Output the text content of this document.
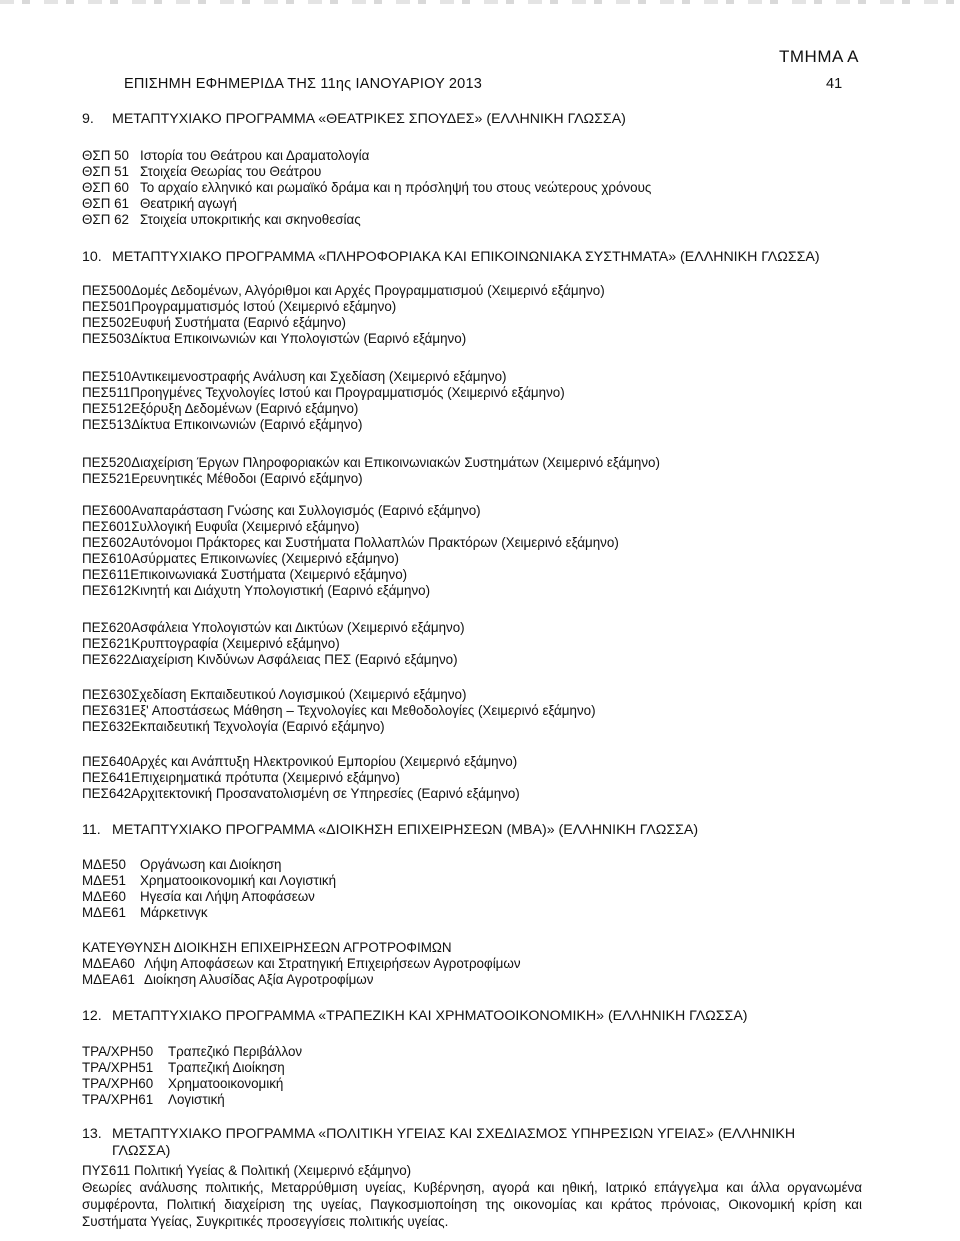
ΤΜΗΜΑ Α
ΕΠΙΣΗΜΗ ΕΦΗΜΕΡΙΔΑ ΤΗΣ 11ης ΙΑΝΟΥΑΡΙΟΥ 2013	41
9. ΜΕΤΑΠΤΥΧΙΑΚΟ ΠΡΟΓΡΑΜΜΑ «ΘΕΑΤΡΙΚΕΣ ΣΠΟΥΔΕΣ» (ΕΛΛΗΝΙΚΗ ΓΛΩΣΣΑ)
ΘΣΠ 50 Ιστορία του Θεάτρου και Δραματολογία
ΘΣΠ 51 Στοιχεία Θεωρίας του Θεάτρου
ΘΣΠ 60 Το αρχαίο ελληνικό και ρωμαϊκό δράμα και η πρόσληψή του στους νεώτερους χρόνους
ΘΣΠ 61 Θεατρική αγωγή
ΘΣΠ 62 Στοιχεία υποκριτικής και σκηνοθεσίας
10. ΜΕΤΑΠΤΥΧΙΑΚΟ ΠΡΟΓΡΑΜΜΑ «ΠΛΗΡΟΦΟΡΙΑΚΑ ΚΑΙ ΕΠΙΚΟΙΝΩΝΙΑΚΑ ΣΥΣΤΗΜΑΤΑ» (ΕΛΛΗΝΙΚΗ ΓΛΩΣΣΑ)
ΠΕΣ500Δομές Δεδομένων, Αλγόριθμοι και Αρχές Προγραμματισμού (Χειμερινό εξάμηνο)
ΠΕΣ501Προγραμματισμός Ιστού (Χειμερινό εξάμηνο)
ΠΕΣ502Ευφυή Συστήματα (Εαρινό εξάμηνο)
ΠΕΣ503Δίκτυα Επικοινωνιών και Υπολογιστών (Εαρινό εξάμηνο)
ΠΕΣ510Αντικειμενοστραφής Ανάλυση και Σχεδίαση (Χειμερινό εξάμηνο)
ΠΕΣ511Προηγμένες Τεχνολογίες Ιστού και Προγραμματισμός (Χειμερινό εξάμηνο)
ΠΕΣ512Εξόρυξη Δεδομένων (Εαρινό εξάμηνο)
ΠΕΣ513Δίκτυα Επικοινωνιών (Εαρινό εξάμηνο)
ΠΕΣ520Διαχείριση Έργων Πληροφοριακών και Επικοινωνιακών Συστημάτων (Χειμερινό εξάμηνο)
ΠΕΣ521Ερευνητικές Μέθοδοι (Εαρινό εξάμηνο)
ΠΕΣ600Αναπαράσταση Γνώσης και Συλλογισμός (Εαρινό εξάμηνο)
ΠΕΣ601Συλλογική Ευφυΐα (Χειμερινό εξάμηνο)
ΠΕΣ602Αυτόνομοι Πράκτορες και Συστήματα Πολλαπλών Πρακτόρων (Χειμερινό εξάμηνο)
ΠΕΣ610Ασύρματες Επικοινωνίες (Χειμερινό εξάμηνο)
ΠΕΣ611Επικοινωνιακά Συστήματα (Χειμερινό εξάμηνο)
ΠΕΣ612Κινητή και Διάχυτη Υπολογιστική (Εαρινό εξάμηνο)
ΠΕΣ620Ασφάλεια Υπολογιστών και Δικτύων (Χειμερινό εξάμηνο)
ΠΕΣ621Κρυπτογραφία (Χειμερινό εξάμηνο)
ΠΕΣ622Διαχείριση Κινδύνων Ασφάλειας ΠΕΣ (Εαρινό εξάμηνο)
ΠΕΣ630Σχεδίαση Εκπαιδευτικού Λογισμικού (Χειμερινό εξάμηνο)
ΠΕΣ631Εξ' Αποστάσεως Μάθηση – Τεχνολογίες και Μεθοδολογίες (Χειμερινό εξάμηνο)
ΠΕΣ632Εκπαιδευτική Τεχνολογία (Εαρινό εξάμηνο)
ΠΕΣ640Αρχές και Ανάπτυξη Ηλεκτρονικού Εμπορίου (Χειμερινό εξάμηνο)
ΠΕΣ641Επιχειρηματικά πρότυπα (Χειμερινό εξάμηνο)
ΠΕΣ642Αρχιτεκτονική Προσανατολισμένη σε Υπηρεσίες (Εαρινό εξάμηνο)
11. ΜΕΤΑΠΤΥΧΙΑΚΟ ΠΡΟΓΡΑΜΜΑ «ΔΙΟΙΚΗΣΗ ΕΠΙΧΕΙΡΗΣΕΩΝ (MBA)» (ΕΛΛΗΝΙΚΗ ΓΛΩΣΣΑ)
ΜΔΕ50 Οργάνωση και Διοίκηση
ΜΔΕ51 Χρηματοοικονομική και Λογιστική
ΜΔΕ60 Ηγεσία και Λήψη Αποφάσεων
ΜΔΕ61 Μάρκετινγκ
ΚΑΤΕΥΘΥΝΣΗ ΔΙΟΙΚΗΣΗ ΕΠΙΧΕΙΡΗΣΕΩΝ ΑΓΡΟΤΡΟΦΙΜΩΝ
ΜΔΕΑ60 Λήψη Αποφάσεων και Στρατηγική Επιχειρήσεων Αγροτροφίμων
ΜΔΕΑ61 Διοίκηση Αλυσίδας Αξία Αγροτροφίμων
12. ΜΕΤΑΠΤΥΧΙΑΚΟ ΠΡΟΓΡΑΜΜΑ «ΤΡΑΠΕΖΙΚΗ ΚΑΙ ΧΡΗΜΑΤΟΟΙΚΟΝΟΜΙΚΗ» (ΕΛΛΗΝΙΚΗ ΓΛΩΣΣΑ)
ΤΡΑ/ΧΡΗ50 Τραπεζικό Περιβάλλον
ΤΡΑ/ΧΡΗ51 Τραπεζική Διοίκηση
ΤΡΑ/ΧΡΗ60 Χρηματοοικονομική
ΤΡΑ/ΧΡΗ61 Λογιστική
13. ΜΕΤΑΠΤΥΧΙΑΚΟ ΠΡΟΓΡΑΜΜΑ «ΠΟΛΙΤΙΚΗ ΥΓΕΙΑΣ ΚΑΙ ΣΧΕΔΙΑΣΜΟΣ ΥΠΗΡΕΣΙΩΝ ΥΓΕΙΑΣ» (ΕΛΛΗΝΙΚΗ
ΓΛΩΣΣΑ)
ΠΥΣ611 Πολιτική Υγείας & Πολιτική (Χειμερινό εξάμηνο)
Θεωρίες ανάλυσης πολιτικής, Μεταρρύθμιση υγείας, Κυβέρνηση, αγορά και ηθική, Ιατρικό επάγγελμα και άλλα οργανωμένα συμφέροντα, Πολιτική διαχείριση της υγείας, Παγκοσμιοποίηση της οικονομίας και κράτος πρόνοιας, Οικονομική κρίση και Συστήματα Υγείας, Συγκριτικές προσεγγίσεις πολιτικής υγείας.
